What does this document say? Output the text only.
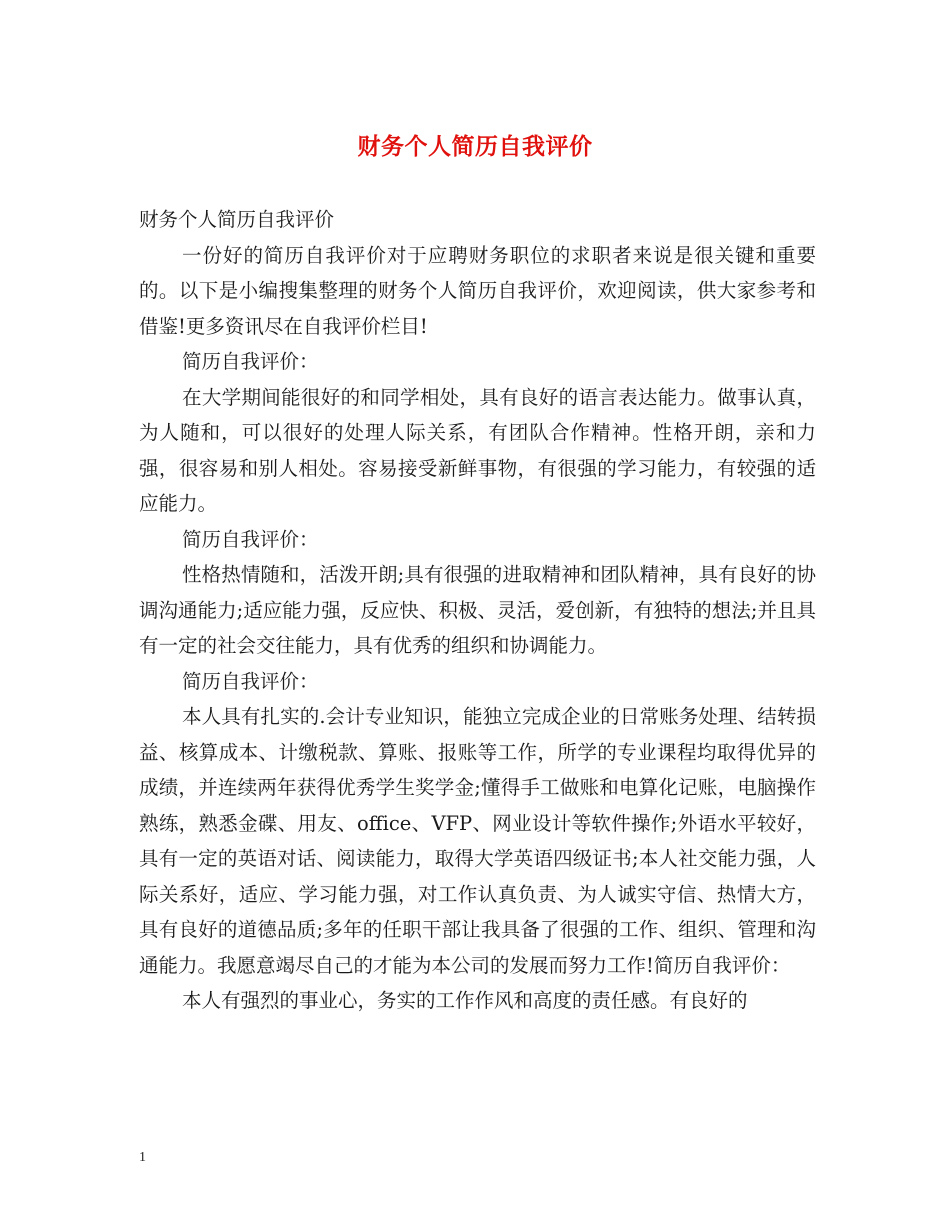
财务个人简历自我评价

财务个人简历自我评价

一份好的简历自我评价对于应聘财务职位的求职者来说是很关键和重要的。以下是小编搜集整理的财务个人简历自我评价，欢迎阅读，供大家参考和借鉴!更多资讯尽在自我评价栏目!

简历自我评价：

在大学期间能很好的和同学相处，具有良好的语言表达能力。做事认真，为人随和，可以很好的处理人际关系，有团队合作精神。性格开朗，亲和力强，很容易和别人相处。容易接受新鲜事物，有很强的学习能力，有较强的适应能力。

简历自我评价：

性格热情随和，活泼开朗;具有很强的进取精神和团队精神，具有良好的协调沟通能力;适应能力强，反应快、积极、灵活，爱创新，有独特的想法;并且具有一定的社会交往能力，具有优秀的组织和协调能力。

简历自我评价：

本人具有扎实的.会计专业知识，能独立完成企业的日常账务处理、结转损益、核算成本、计缴税款、算账、报账等工作，所学的专业课程均取得优异的成绩，并连续两年获得优秀学生奖学金;懂得手工做账和电算化记账，电脑操作熟练，熟悉金碟、用友、office、VFP、网业设计等软件操作;外语水平较好，具有一定的英语对话、阅读能力，取得大学英语四级证书;本人社交能力强，人际关系好，适应、学习能力强，对工作认真负责、为人诚实守信、热情大方，具有良好的道德品质;多年的任职干部让我具备了很强的工作、组织、管理和沟通能力。我愿意竭尽自己的才能为本公司的发展而努力工作!简历自我评价：

本人有强烈的事业心，务实的工作作风和高度的责任感。有良好的

1
